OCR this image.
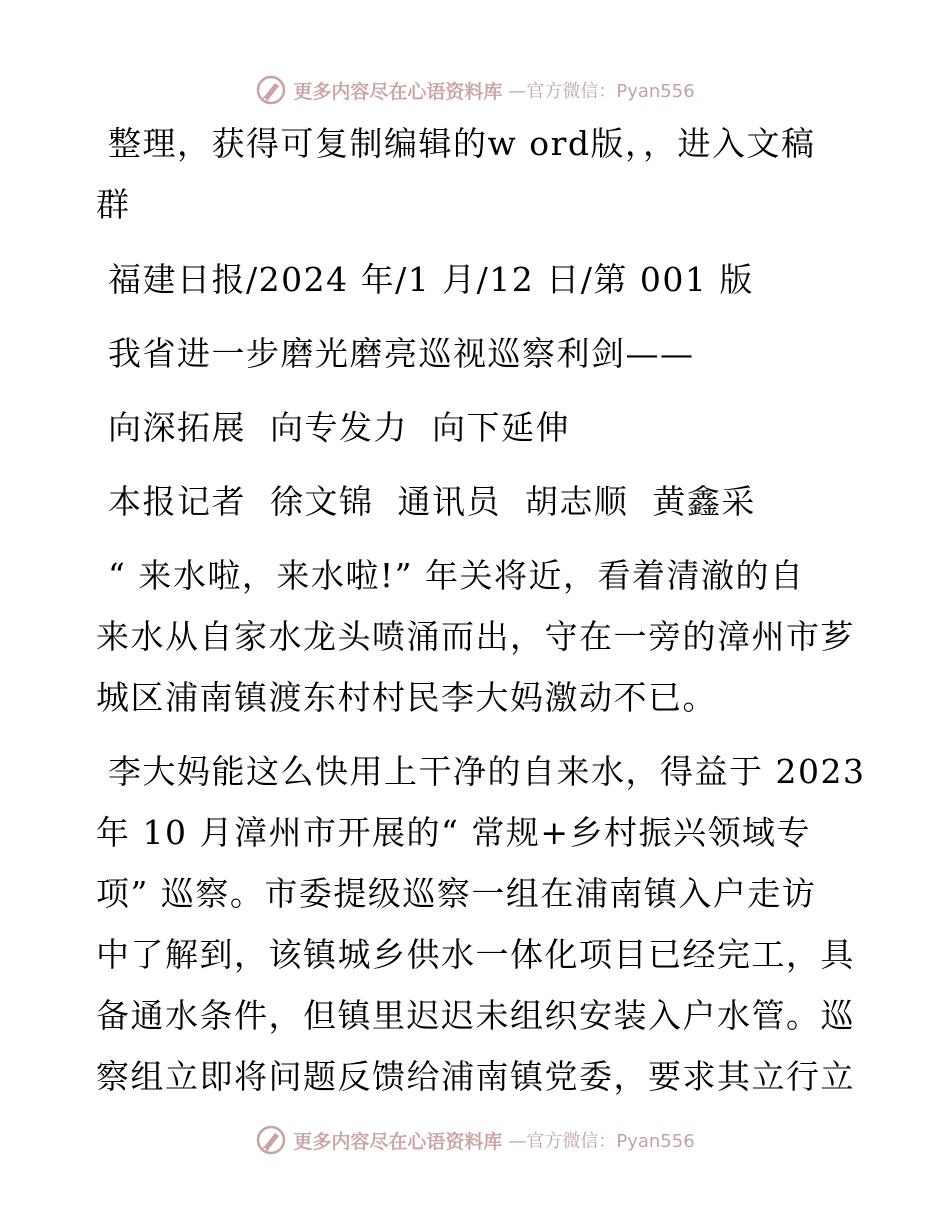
更多内容尽在心语资料库 —官方微信：Pyan556
整理，获得可复制编辑的w ord版，，进入文稿
群
福建日报/2024 年/1 月/12 日/第 001 版
我省进一步磨光磨亮巡视巡察利剑——
向深拓展  向专发力  向下延伸
本报记者  徐文锦  通讯员  胡志顺  黄鑫采
“ 来水啦，来水啦!” 年关将近，看着清澈的自
来水从自家水龙头喷涌而出，守在一旁的漳州市芗
城区浦南镇渡东村村民李大妈激动不已。
李大妈能这么快用上干净的自来水，得益于 2023
年 10 月漳州市开展的“ 常规+乡村振兴领域专
项” 巡察。市委提级巡察一组在浦南镇入户走访
中了解到，该镇城乡供水一体化项目已经完工，具
备通水条件，但镇里迟迟未组织安装入户水管。巡
察组立即将问题反馈给浦南镇党委，要求其立行立
更多内容尽在心语资料库 —官方微信：Pyan556
